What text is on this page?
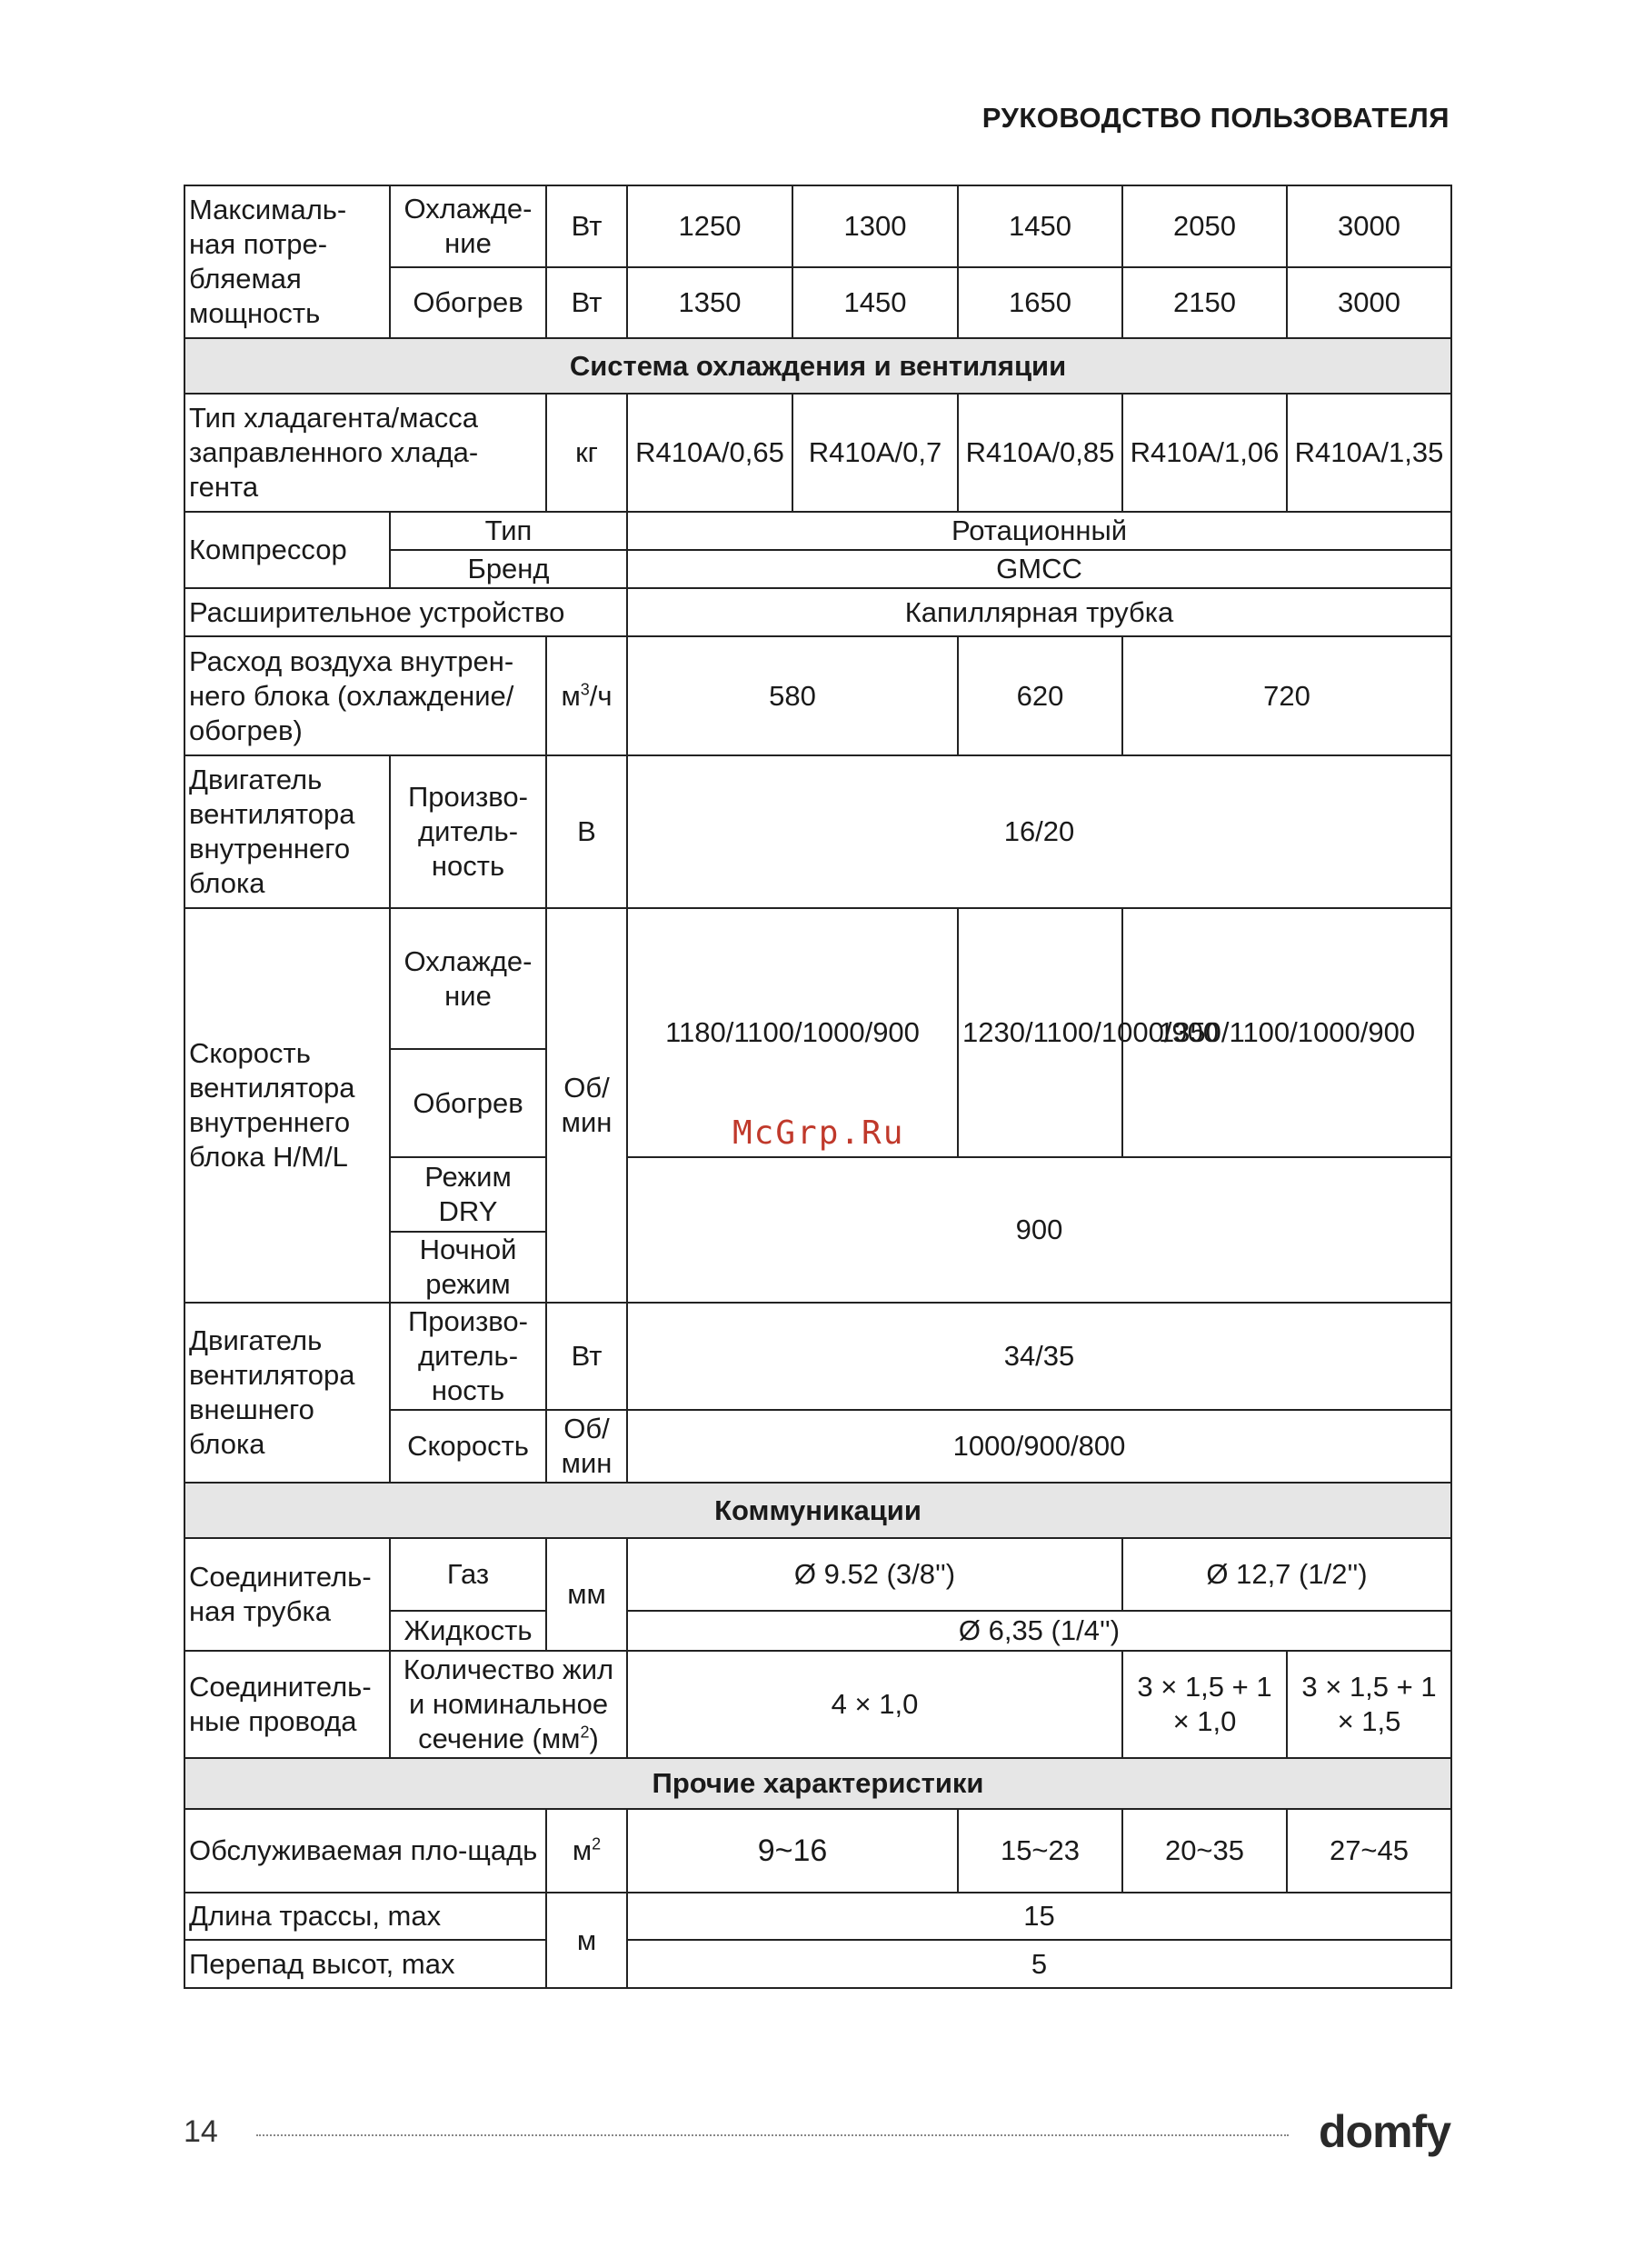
РУКОВОДСТВО ПОЛЬЗОВАТЕЛЯ
Максималь-ная потре-бляемая мощность	Охлажде-ние	Вт	1250	1300	1450	2050	3000
	Обогрев	Вт	1350	1450	1650	2150	3000
Система охлаждения и вентиляции							
Тип хладагента/масса заправленного хлада-гента		кг	R410A/0,65	R410A/0,7	R410A/0,85	R410A/1,06	R410A/1,35
Компрессор	Тип		Ротационный				
	Бренд		GMCC				
Расширительное устройство			Капиллярная трубка				
Расход воздуха внутрен-него блока (охлаждение/обогрев)		$м^3/ч$	580		620	720	
Двигатель вентилятора внутреннего блока	Произво-дитель-ность	В	16/20				
Скорость вентилятора внутреннего блока H/M/L	Охлажде-ние	Об/мин	1180/1100/1000/900		1230/1100/1000/900	1350/1100/1000/900	
	Обогрев						
	Режим DRY		900				
	Ночной режим						
Двигатель вентилятора внешнего блока	Произво-дитель-ность	Вт	34/35				
	Скорость	Об/мин	1000/900/800				
Коммуникации							
Соединитель-ная трубка	Газ	мм	Ø 9.52 (3/8'')			Ø 12,7 (1/2'')	
	Жидкость		Ø 6,35 (1/4'')				
Соединитель-ные провода	Количество жил и номинальное сечение $(мм^2)$		4 × 1,0			3 × 1,5 + 1 × 1,0	3 × 1,5 + 1 × 1,5
Прочие характеристики							
Обслуживаемая пло-щадь		$м^2$	9~16		15~23	20~35	27~45
Длина трассы, max		м	15				
Перепад высот, max			5				
McGrp.Ru
14	domfy
